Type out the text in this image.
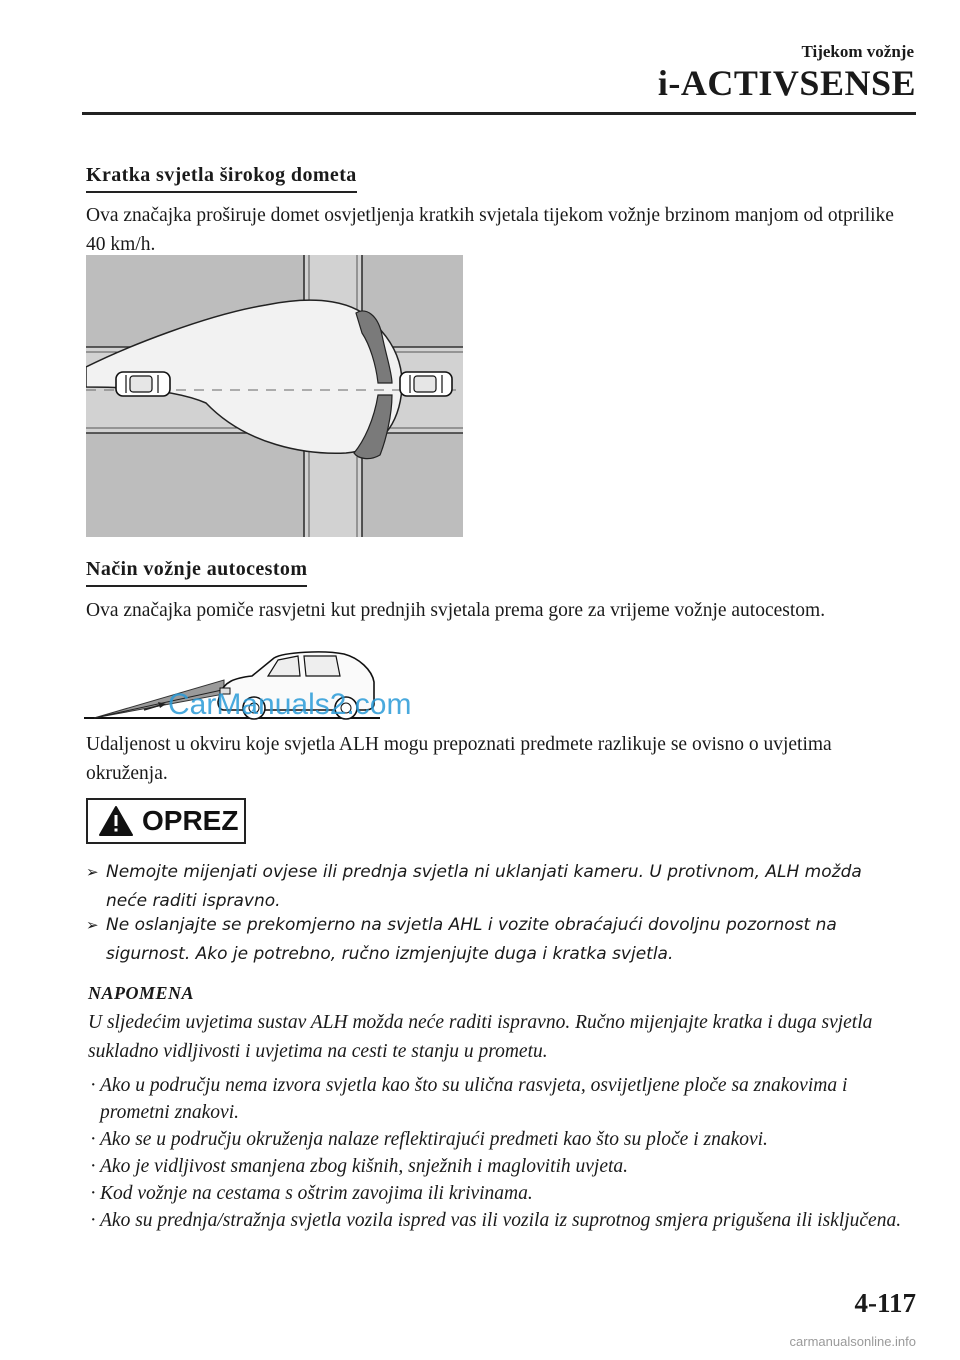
Tijekom vožnje
i-ACTIVSENSE
Kratka svjetla širokog dometa
Ova značajka proširuje domet osvjetljenja kratkih svjetala tijekom vožnje brzinom manjom od otprilike 40 km/h.
Način vožnje autocestom
Ova značajka pomiče rasvjetni kut prednjih svjetala prema gore za vrijeme vožnje autocestom.
CarManuals2.com
Udaljenost u okviru koje svjetla ALH mogu prepoznati predmete razlikuje se ovisno o uvjetima okruženja.
OPREZ
➢ Nemojte mijenjati ovjese ili prednja svjetla ni uklanjati kameru. U protivnom, ALH možda neće raditi ispravno.
➢ Ne oslanjajte se prekomjerno na svjetla AHL i vozite obraćajući dovoljnu pozornost na sigurnost. Ako je potrebno, ručno izmjenjujte duga i kratka svjetla.
NAPOMENA
U sljedećim uvjetima sustav ALH možda neće raditi ispravno. Ručno mijenjajte kratka i duga svjetla sukladno vidljivosti i uvjetima na cesti te stanju u prometu.
· Ako u području nema izvora svjetla kao što su ulična rasvjeta, osvijetljene ploče sa znakovima i prometni znakovi.
· Ako se u području okruženja nalaze reflektirajući predmeti kao što su ploče i znakovi.
· Ako je vidljivost smanjena zbog kišnih, snježnih i maglovitih uvjeta.
· Kod vožnje na cestama s oštrim zavojima ili krivinama.
· Ako su prednja/stražnja svjetla vozila ispred vas ili vozila iz suprotnog smjera prigušena ili isključena.
4-117
carmanualsonline.info
